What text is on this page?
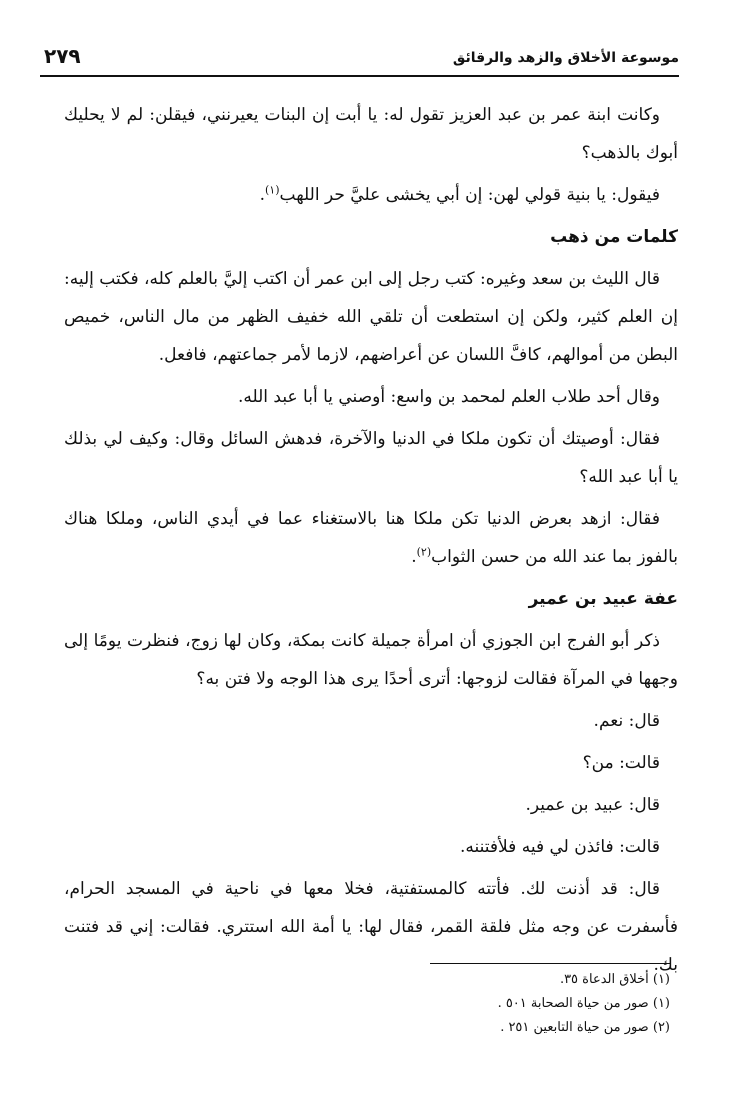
موسوعة الأخلاق والزهد والرقائق
٢٧٩

وكانت ابنة عمر بن عبد العزيز تقول له: يا أبت إن البنات يعيرنني، فيقلن: لم لا يحليك أبوك بالذهب؟

فيقول: يا بنية قولي لهن: إن أبي يخشى عليَّ حر اللهب$^{(١)}$.

كلمات من ذهب

قال الليث بن سعد وغيره: كتب رجل إلى ابن عمر أن اكتب إليَّ بالعلم كله، فكتب إليه: إن العلم كثير، ولكن إن استطعت أن تلقي الله خفيف الظهر من مال الناس، خميص البطن من أموالهم، كافَّ اللسان عن أعراضهم، لازما لأمر جماعتهم، فافعل.

وقال أحد طلاب العلم لمحمد بن واسع: أوصني يا أبا عبد الله.

فقال: أوصيتك أن تكون ملكا في الدنيا والآخرة، فدهش السائل وقال: وكيف لي بذلك يا أبا عبد الله؟

فقال: ازهد بعرض الدنيا تكن ملكا هنا بالاستغناء عما في أيدي الناس، وملكا هناك بالفوز بما عند الله من حسن الثواب$^{(٢)}$.

عفة عبيد بن عمير

ذكر أبو الفرج ابن الجوزي أن امرأة جميلة كانت بمكة، وكان لها زوج، فنظرت يومًا إلى وجهها في المرآة فقالت لزوجها: أترى أحدًا يرى هذا الوجه ولا فتن به؟

قال: نعم.

قالت: من؟

قال: عبيد بن عمير.

قالت: فائذن لي فيه فلأفتننه.

قال: قد أذنت لك. فأتته كالمستفتية، فخلا معها في ناحية في المسجد الحرام، فأسفرت عن وجه مثل فلقة القمر، فقال لها: يا أمة الله استتري. فقالت: إني قد فتنت بك.

(١) أخلاق الدعاة ٣٥.
(١) صور من حياة الصحابة ٥٠١ .
(٢) صور من حياة التابعين ٢٥١ .
